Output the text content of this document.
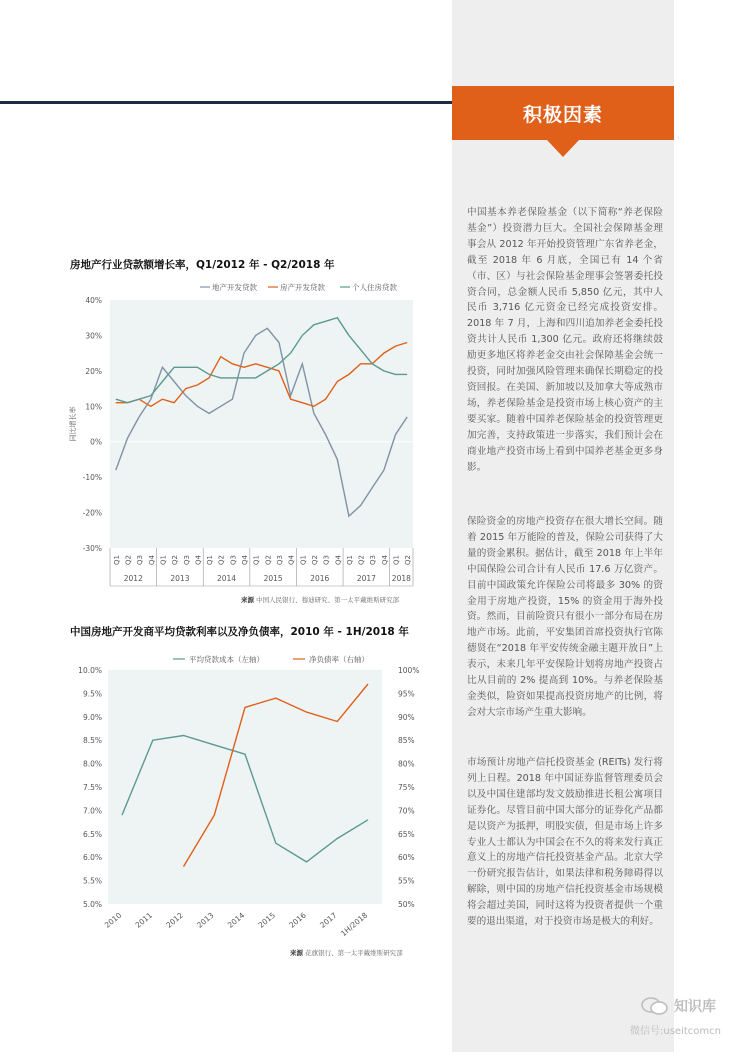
积极因素
中国基本养老保险基金（以下简称“养老保险基金”）投资潜力巨大。全国社会保障基金理事会从 2012 年开始投资管理广东省养老金，截至 2018 年 6 月底，全国已有 14 个省（市、区）与社会保险基金理事会签署委托投资合同，总金额人民币 5,850 亿元，其中人民币 3,716 亿元资金已经完成投资安排。2018 年 7 月，上海和四川追加养老金委托投资共计人民币 1,300 亿元。政府还将继续鼓励更多地区将养老金交由社会保障基金会统一投资，同时加强风险管理来确保长期稳定的投资回报。在美国、新加坡以及加拿大等成熟市场，养老保险基金是投资市场上核心资产的主要买家。随着中国养老保险基金的投资管理更加完善，支持政策进一步落实，我们预计会在商业地产投资市场上看到中国养老基金更多身影。
保险资金的房地产投资存在很大增长空间。随着 2015 年万能险的普及，保险公司获得了大量的资金累积。据估计，截至 2018 年上半年中国保险公司合计有人民币 17.6 万亿资产。目前中国政策允许保险公司将最多 30% 的资金用于房地产投资，15% 的资金用于海外投资。然而，目前险资只有很小一部分布局在房地产市场。此前，平安集团首席投资执行官陈德贤在“2018 年平安传统金融主题开放日”上表示，未来几年平安保险计划将房地产投资占比从目前的 2% 提高到 10%。与养老保险基金类似，险资如果提高投资房地产的比例，将会对大宗市场产生重大影响。
市场预计房地产信托投资基金 (REITs) 发行将列上日程。2018 年中国证券监督管理委员会以及中国住建部均发文鼓励推进长租公寓项目证券化。尽管目前中国大部分的证券化产品都是以资产为抵押，明股实债，但是市场上许多专业人士都认为中国会在不久的将来发行真正意义上的房地产信托投资基金产品。北京大学一份研究报告估计，如果法律和税务障碍得以解除，则中国的房地产信托投资基金市场规模将会超过美国，同时这将为投资者提供一个重要的退出渠道，对于投资市场是极大的利好。
房地产行业贷款额增长率，Q1/2012 年 - Q2/2018 年
40%
30%
20%
10%
0%
-10%
-20%
-30%
同比增长率
地产开发贷款	房产开发贷款	个人住房贷款
Q1 Q2 Q3 Q4 Q1 Q2 Q3 Q4 Q1 Q2 Q3 Q4 Q1 Q2 Q3 Q4 Q1 Q2 Q3 Q4 Q1 Q2 Q3 Q4 Q1 Q2
2012	2013	2014	2015	2016	2017 2018
来源 中国人民银行、穆迪研究、第一太平戴维斯研究部
中国房地产开发商平均贷款利率以及净负债率，2010 年 - 1H/2018 年
10.0%
9.5%
9.0%
8.5%
8.0%
7.5%
7.0%
6.5%
6.0%
5.5%
5.0%
100%
95%
90%
85%
80%
75%
70%
65%
60%
55%
50%
平均贷款成本（左轴）	净负债率（右轴）
2010 2011 2012 2013 2014 2015 2016 2017 1H/2018
来源 花旗银行、第一太平戴维斯研究部
知识库
微信号:useitcomcn
